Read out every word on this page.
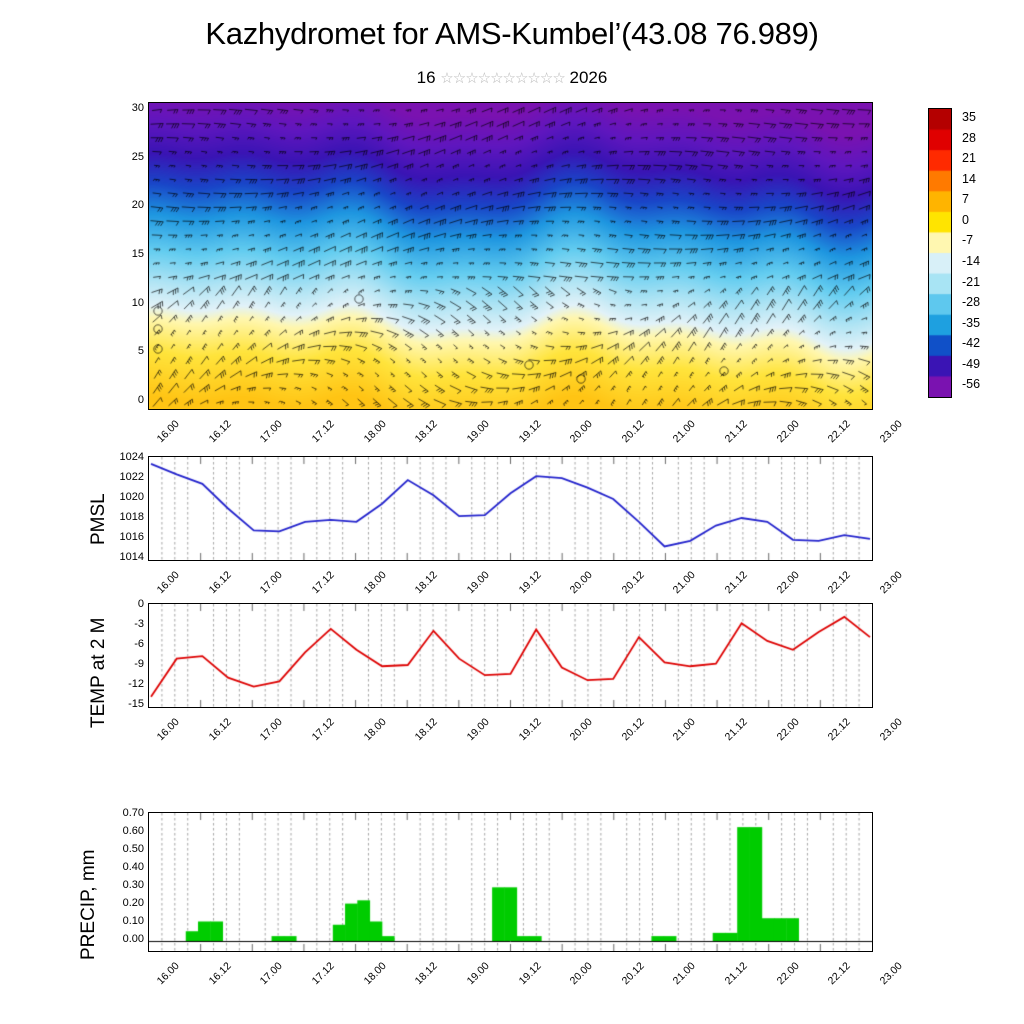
Kazhydromet for AMS-Kumbel’(43.08 76.989)
16 ☆☆☆☆☆☆☆☆☆☆ 2026
0
5
10
15
20
25
30
16.00 16.12 17.00 17.12 18.00 18.12 19.00 19.12 20.00 20.12 21.00 21.12 22.00 22.12 23.00
35
28
21
14
7
0
-7
-14
-21
-28
-35
-42
-49
-56
1014
1016
1018
1020
1022
1024
16.00 16.12 17.00 17.12 18.00 18.12 19.00 19.12 20.00 20.12 21.00 21.12 22.00 22.12 23.00
PMSL
-15
-12
-9
-6
-3
0
16.00 16.12 17.00 17.12 18.00 18.12 19.00 19.12 20.00 20.12 21.00 21.12 22.00 22.12 23.00
TEMP at 2 M
0.00
0.10
0.20
0.30
0.40
0.50
0.60
0.70
16.00 16.12 17.00 17.12 18.00 18.12 19.00 19.12 20.00 20.12 21.00 21.12 22.00 22.12 23.00
PRECIP, mm
